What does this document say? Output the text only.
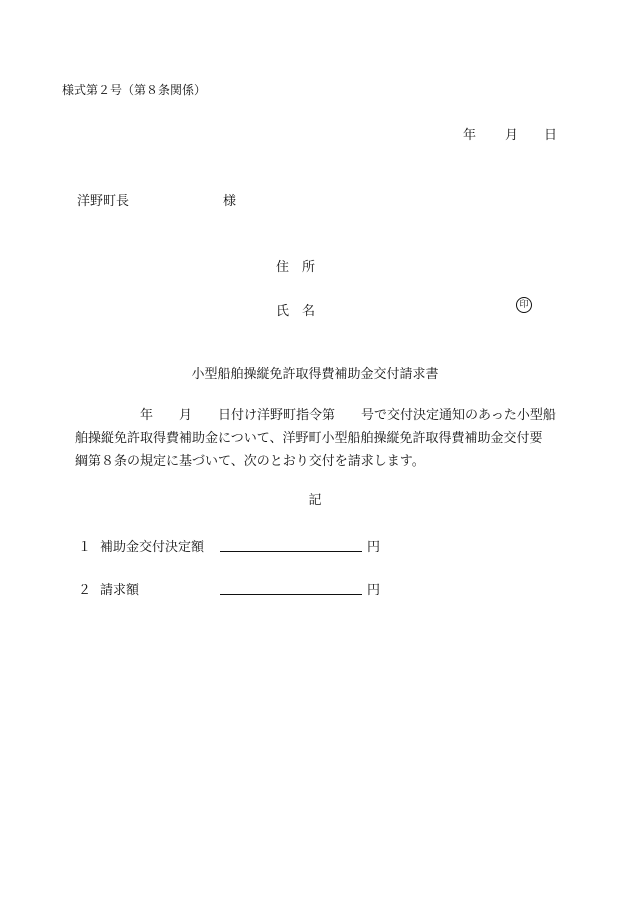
様式第２号（第８条関係）
年 月 日
洋野町長	様
住　所
氏　名	印
小型船舶操縦免許取得費補助金交付請求書
　　　　　年　　月　　日付け洋野町指令第　　号で交付決定通知のあった小型船
舶操縦免許取得費補助金について、洋野町小型船舶操縦免許取得費補助金交付要
綱第８条の規定に基づいて、次のとおり交付を請求します。
記
１ 補助金交付決定額	円
２ 請求額	円
